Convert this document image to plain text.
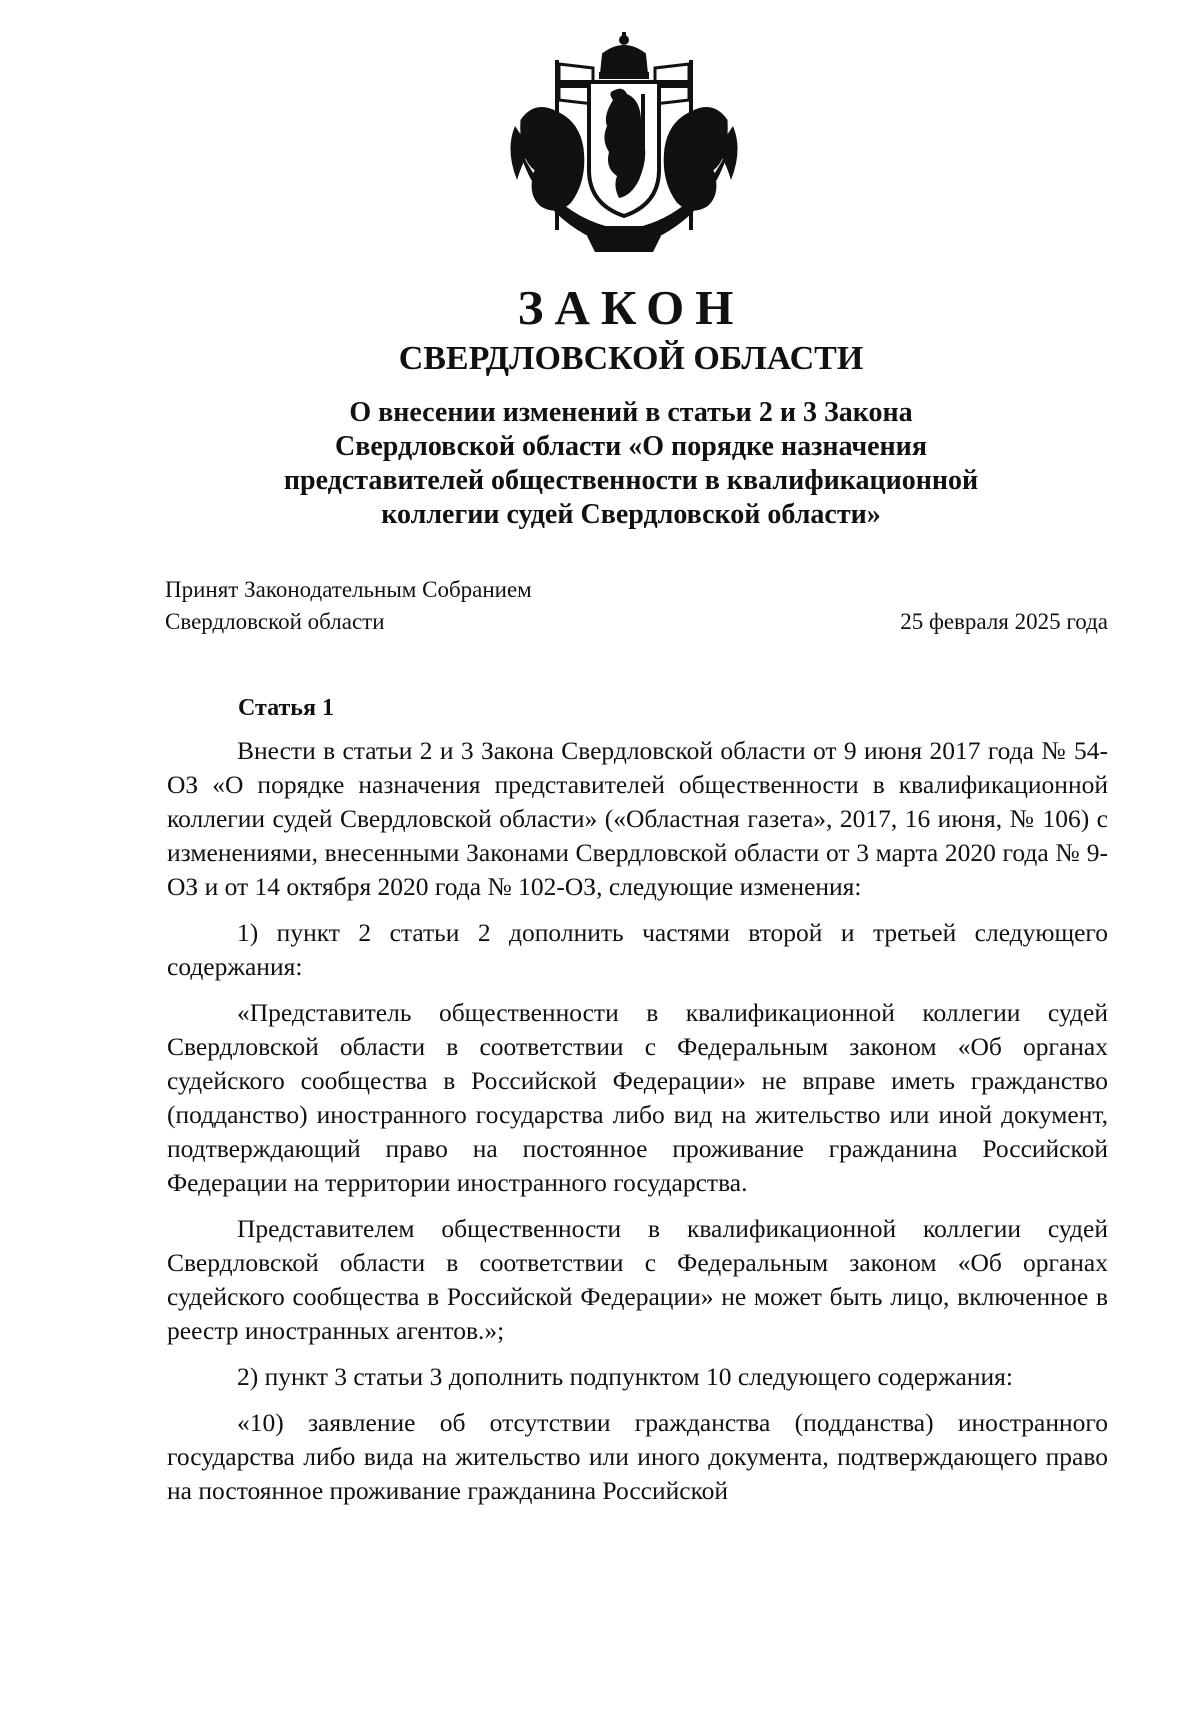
ЗАКОН
СВЕРДЛОВСКОЙ ОБЛАСТИ
О внесении изменений в статьи 2 и 3 Закона
Свердловской области «О порядке назначения
представителей общественности в квалификационной
коллегии судей Свердловской области»
Принят Законодательным Собранием
Свердловской области	25 февраля 2025 года
Статья 1

Внести в статьи 2 и 3 Закона Свердловской области от 9 июня 2017 года № 54-ОЗ «О порядке назначения представителей общественности в квалификационной коллегии судей Свердловской области» («Областная газета», 2017, 16 июня, № 106) с изменениями, внесенными Законами Свердловской области от 3 марта 2020 года № 9-ОЗ и от 14 октября 2020 года № 102-ОЗ, следующие изменения:

1) пункт 2 статьи 2 дополнить частями второй и третьей следующего содержания:

«Представитель общественности в квалификационной коллегии судей Свердловской области в соответствии с Федеральным законом «Об органах судейского сообщества в Российской Федерации» не вправе иметь гражданство (подданство) иностранного государства либо вид на жительство или иной документ, подтверждающий право на постоянное проживание гражданина Российской Федерации на территории иностранного государства.

Представителем общественности в квалификационной коллегии судей Свердловской области в соответствии с Федеральным законом «Об органах судейского сообщества в Российской Федерации» не может быть лицо, включенное в реестр иностранных агентов.»;

2) пункт 3 статьи 3 дополнить подпунктом 10 следующего содержания:

«10) заявление об отсутствии гражданства (подданства) иностранного государства либо вида на жительство или иного документа, подтверждающего право на постоянное проживание гражданина Российской
